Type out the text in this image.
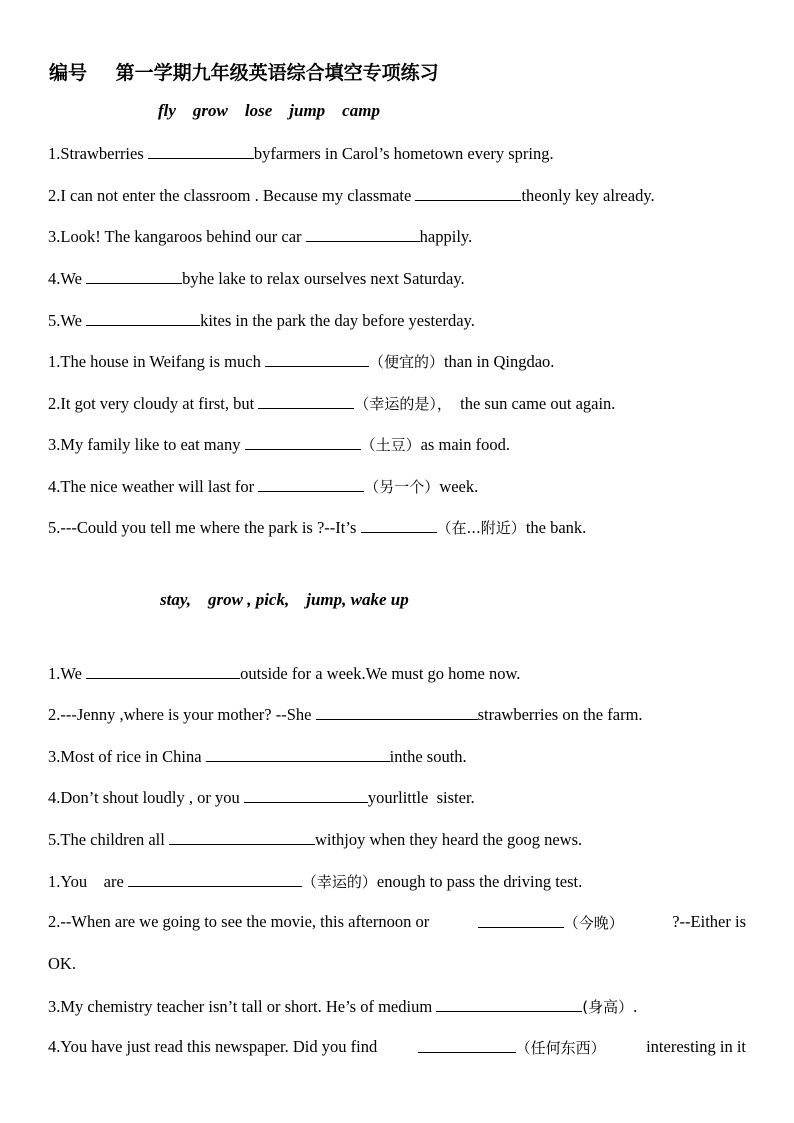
编号 第一学期九年级英语综合填空专项练习
fly    grow    lose    jump    camp
1.Strawberries	byfarmers in Carol’s hometown every spring.
2.I can not enter the classroom . Because my classmate	theonly key already.
3.Look! The kangaroos behind our car	happily.
4.We	byhe lake to relax ourselves next Saturday.
5.We	kites in the park the day before yesterday.
1.The house in Weifang is much	（便宜的）than in Qingdao.
2.It got very cloudy at first, but	（幸运的是），  the sun came out again.
3.My family like to eat many	（土豆）as main food.
4.The nice weather will last for	（另一个）week.
5.---Could you tell me where the park is ?--It’s	（在...附近）the bank.
stay,    grow , pick,    jump, wake up
1.We	outside for a week.We must go home now.
2.---Jenny ,where is your mother? --She	strawberries on the farm.
3.Most of rice in China	inthe south.
4.Don’t shout loudly , or you	yourlittle  sister.
5.The children all	withjoy when they heard the goog news.
1.You    are	（幸运的）enough to pass the driving test.
2.--When are we going to see the movie, this afternoon or	（今晚）	?--Either is
OK.
3.My chemistry teacher isn’t tall or short. He’s of medium	(身高）.
4.You have just read this newspaper. Did you find	（任何东西） interesting in it
